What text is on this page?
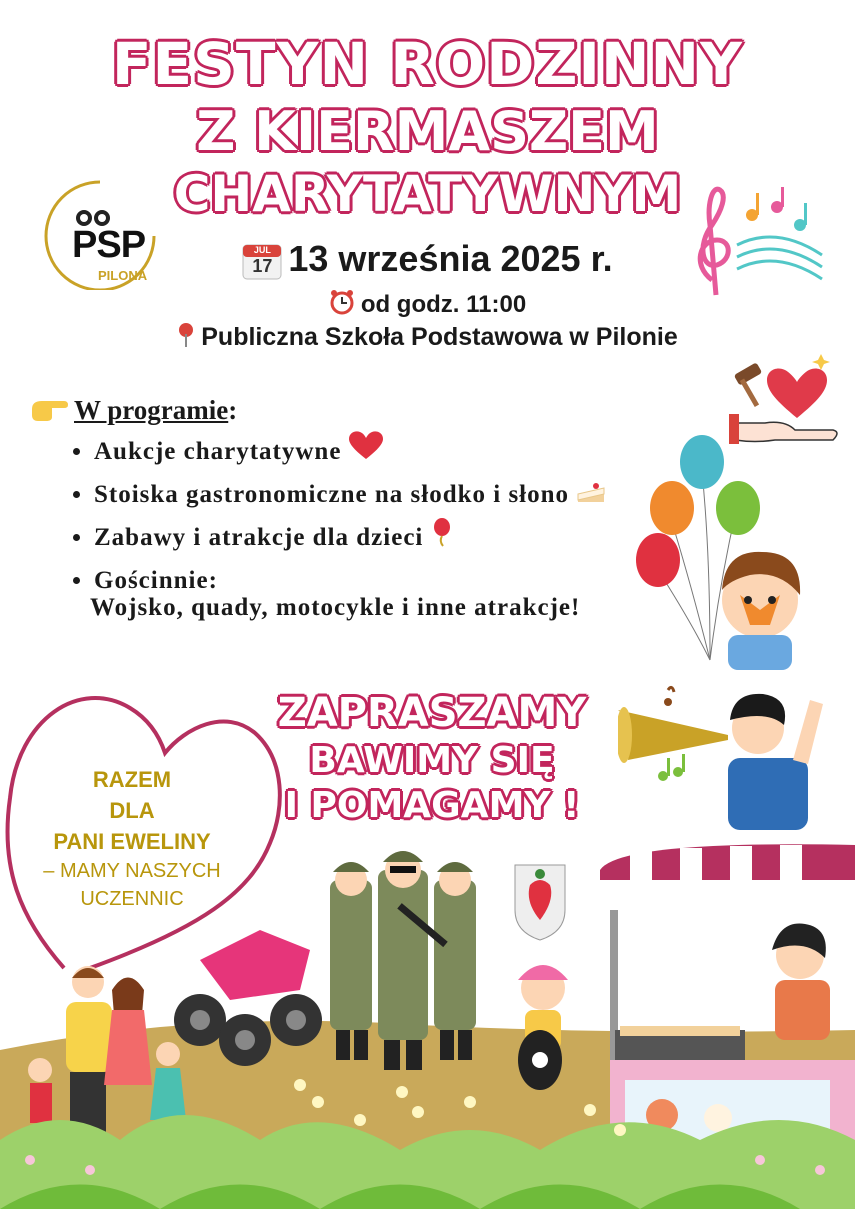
FESTYN RODZINNY
Z KIERMASZEM
CHARYTATYWNYM
PSP
PILONA
JUL
17 13 września 2025 r.
od godz. 11:00
Publiczna Szkoła Podstawowa w Pilonie
W programie:
• Aukcje charytatywne
• Stoiska gastronomiczne na słodko i słono
• Zabawy i atrakcje dla dzieci
• Gościnnie:
Wojsko, quady, motocykle i inne atrakcje!
ZAPRASZAMY
BAWIMY SIĘ
I POMAGAMY !
RAZEM
DLA
PANI EWELINY
– MAMY NASZYCH
UCZENNIC
